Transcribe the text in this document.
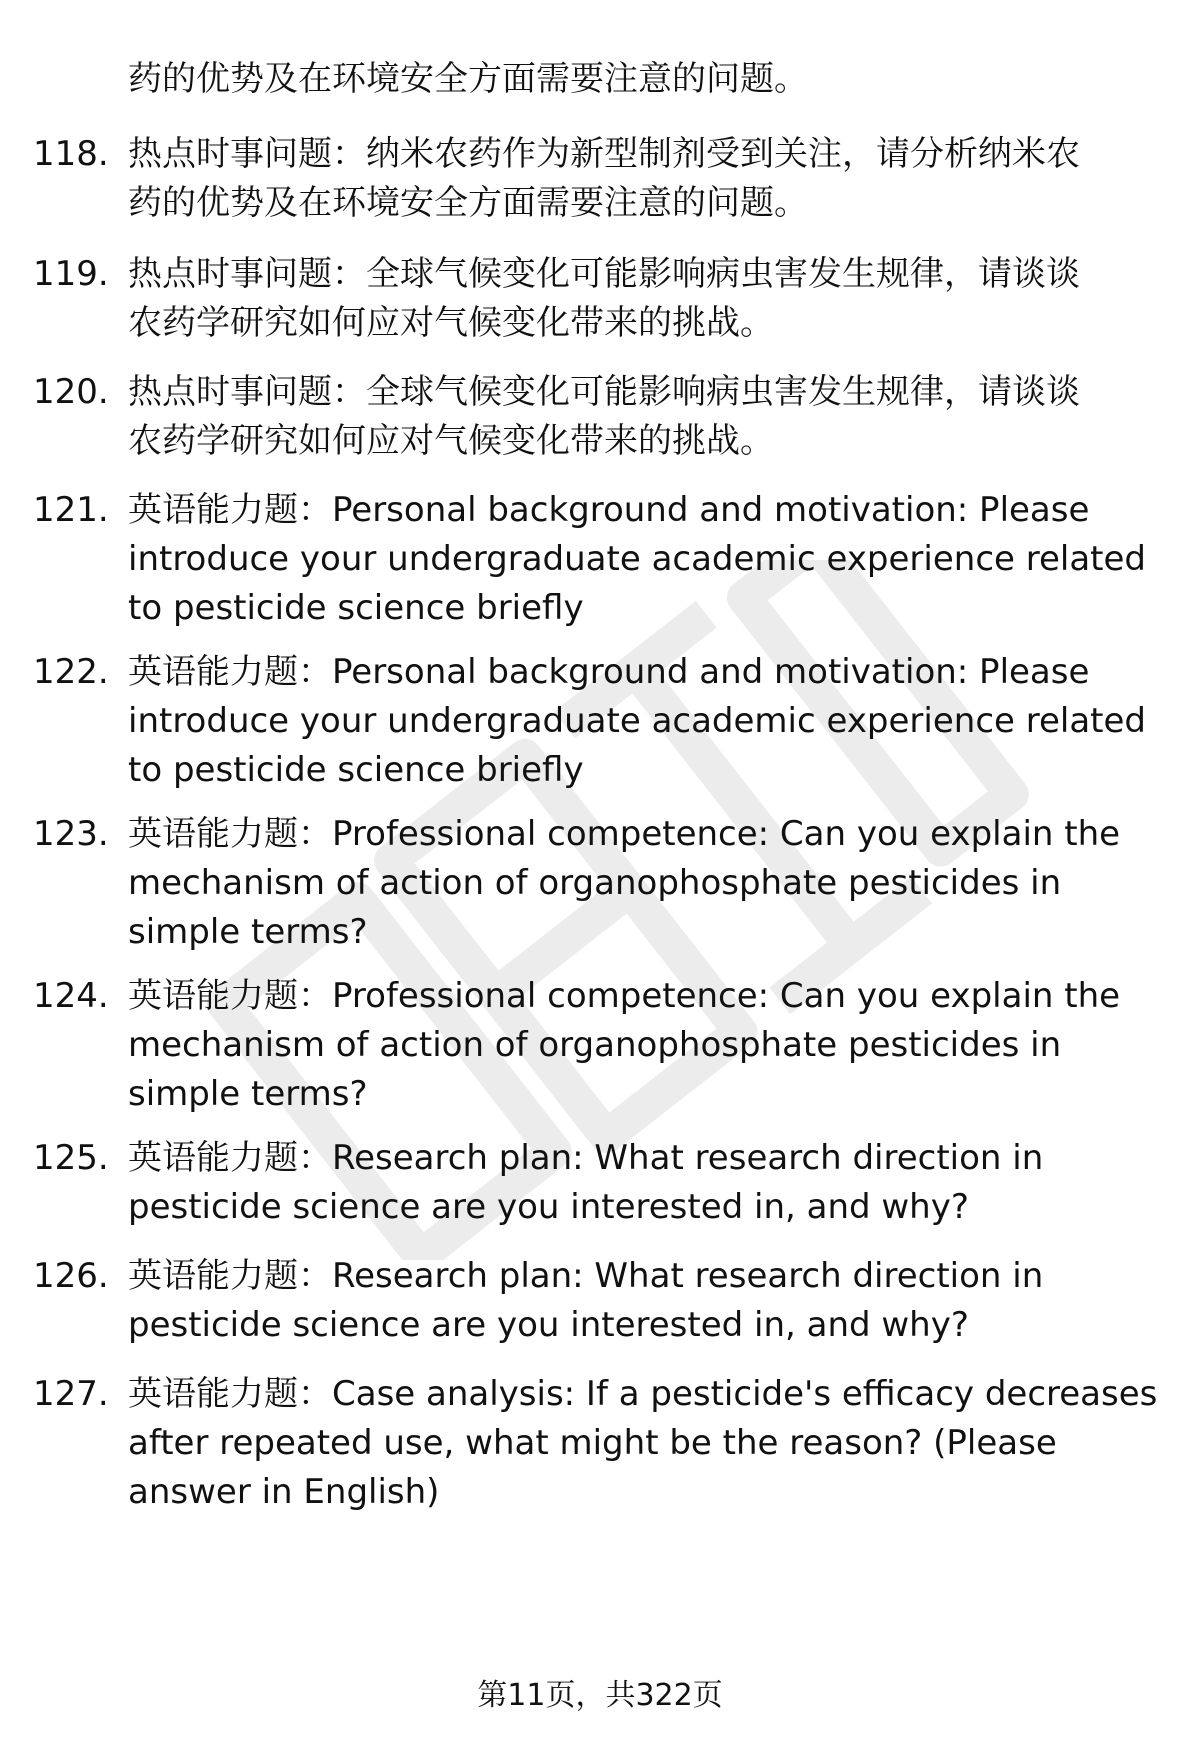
药的优势及在环境安全方面需要注意的问题。
118. 热点时事问题：纳米农药作为新型制剂受到关注，请分析纳米农
药的优势及在环境安全方面需要注意的问题。
119. 热点时事问题：全球气候变化可能影响病虫害发生规律，请谈谈
农药学研究如何应对气候变化带来的挑战。
120. 热点时事问题：全球气候变化可能影响病虫害发生规律，请谈谈
农药学研究如何应对气候变化带来的挑战。
121. 英语能力题：Personal background and motivation: Please
introduce your undergraduate academic experience related
to pesticide science briefly
122. 英语能力题：Personal background and motivation: Please
introduce your undergraduate academic experience related
to pesticide science briefly
123. 英语能力题：Professional competence: Can you explain the
mechanism of action of organophosphate pesticides in
simple terms?
124. 英语能力题：Professional competence: Can you explain the
mechanism of action of organophosphate pesticides in
simple terms?
125. 英语能力题：Research plan: What research direction in
pesticide science are you interested in, and why?
126. 英语能力题：Research plan: What research direction in
pesticide science are you interested in, and why?
127. 英语能力题：Case analysis: If a pesticide's efficacy decreases
after repeated use, what might be the reason? (Please
answer in English)
第11页，共322页
